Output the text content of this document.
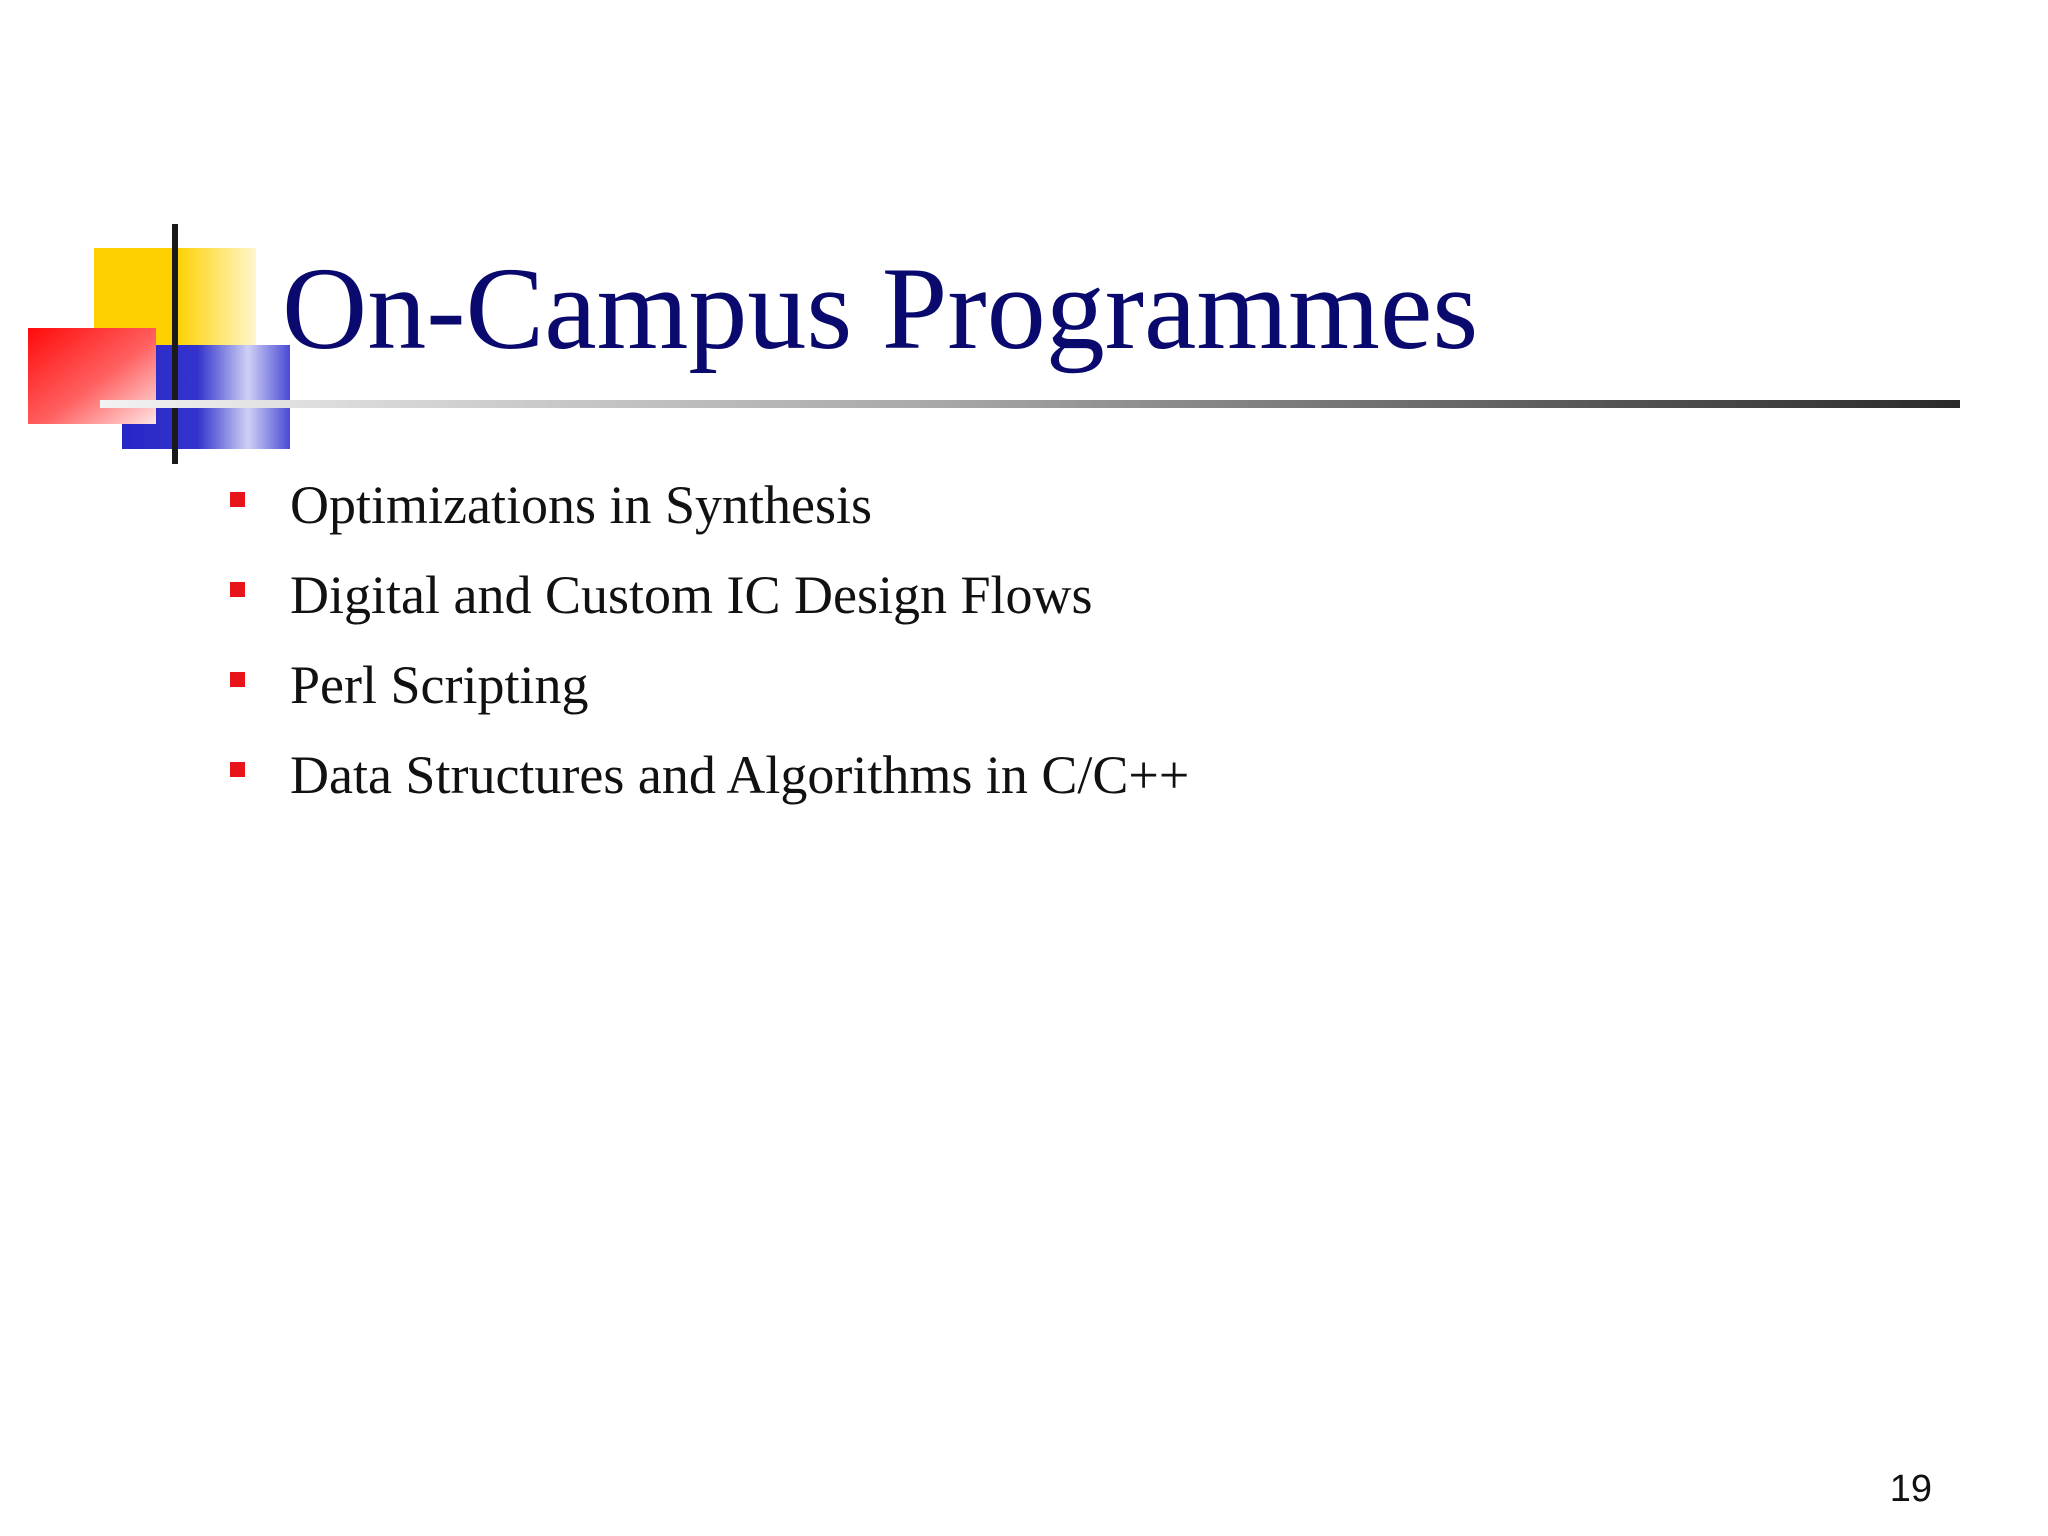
On-Campus Programmes
Optimizations in Synthesis
Digital and Custom IC Design Flows
Perl Scripting
Data Structures and Algorithms in C/C++
19
